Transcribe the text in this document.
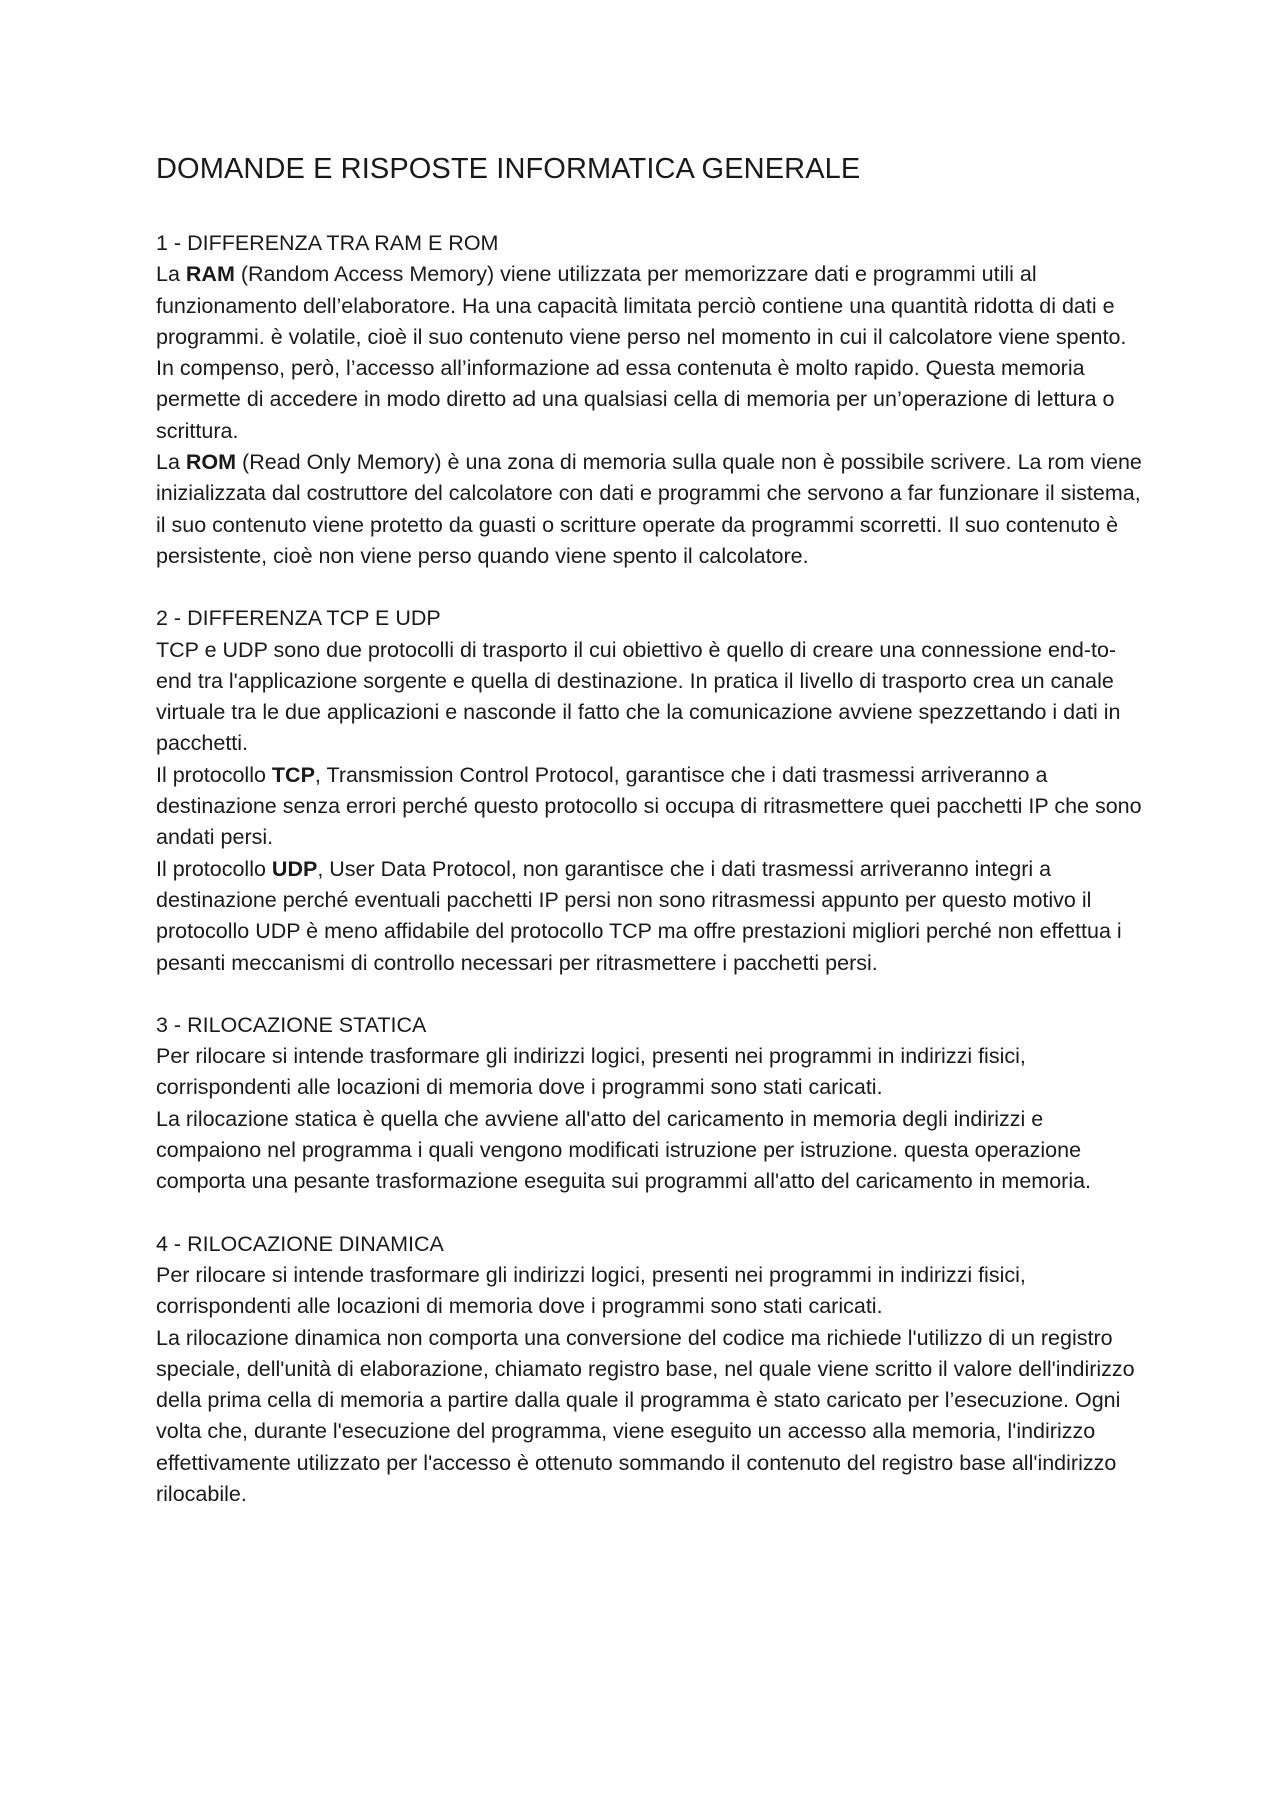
DOMANDE E RISPOSTE INFORMATICA GENERALE

1 - DIFFERENZA TRA RAM E ROM

La RAM (Random Access Memory) viene utilizzata per memorizzare dati e programmi utili al funzionamento dell’elaboratore. Ha una capacità limitata perciò contiene una quantità ridotta di dati e programmi. è volatile, cioè il suo contenuto viene perso nel momento in cui il calcolatore viene spento. In compenso, però, l’accesso all’informazione ad essa contenuta è molto rapido. Questa memoria permette di accedere in modo diretto ad una qualsiasi cella di memoria per un’operazione di lettura o scrittura.

La ROM (Read Only Memory) è una zona di memoria sulla quale non è possibile scrivere. La rom viene inizializzata dal costruttore del calcolatore con dati e programmi che servono a far funzionare il sistema, il suo contenuto viene protetto da guasti o scritture operate da programmi scorretti. Il suo contenuto è persistente, cioè non viene perso quando viene spento il calcolatore.

2 - DIFFERENZA TCP E UDP

TCP e UDP sono due protocolli di trasporto il cui obiettivo è quello di creare una connessione end-to-end tra l'applicazione sorgente e quella di destinazione. In pratica il livello di trasporto crea un canale virtuale tra le due applicazioni e nasconde il fatto che la comunicazione avviene spezzettando i dati in pacchetti.

Il protocollo TCP, Transmission Control Protocol, garantisce che i dati trasmessi arriveranno a destinazione senza errori perché questo protocollo si occupa di ritrasmettere quei pacchetti IP che sono andati persi.

Il protocollo UDP, User Data Protocol, non garantisce che i dati trasmessi arriveranno integri a destinazione perché eventuali pacchetti IP persi non sono ritrasmessi appunto per questo motivo il protocollo UDP è meno affidabile del protocollo TCP ma offre prestazioni migliori perché non effettua i pesanti meccanismi di controllo necessari per ritrasmettere i pacchetti persi.

3 - RILOCAZIONE STATICA

Per rilocare si intende trasformare gli indirizzi logici, presenti nei programmi in indirizzi fisici, corrispondenti alle locazioni di memoria dove i programmi sono stati caricati.

La rilocazione statica è quella che avviene all'atto del caricamento in memoria degli indirizzi e compaiono nel programma i quali vengono modificati istruzione per istruzione. questa operazione comporta una pesante trasformazione eseguita sui programmi all'atto del caricamento in memoria.

4 - RILOCAZIONE DINAMICA

Per rilocare si intende trasformare gli indirizzi logici, presenti nei programmi in indirizzi fisici, corrispondenti alle locazioni di memoria dove i programmi sono stati caricati.

La rilocazione dinamica non comporta una conversione del codice ma richiede l'utilizzo di un registro speciale, dell'unità di elaborazione, chiamato registro base, nel quale viene scritto il valore dell'indirizzo della prima cella di memoria a partire dalla quale il programma è stato caricato per l’esecuzione. Ogni volta che, durante l'esecuzione del programma, viene eseguito un accesso alla memoria, l'indirizzo effettivamente utilizzato per l'accesso è ottenuto sommando il contenuto del registro base all'indirizzo rilocabile.
